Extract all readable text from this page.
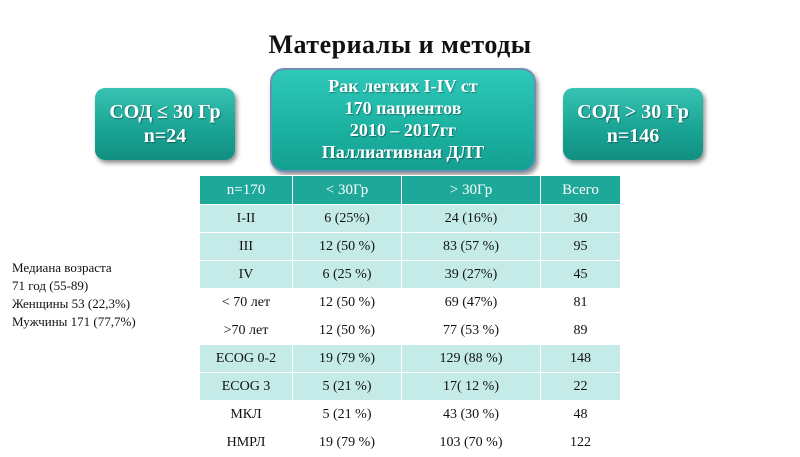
Материалы и методы
СОД ≤ 30 Гр
n=24
Рак легких I-IV ст
170 пациентов
2010 – 2017гг
Паллиативная ДЛТ
СОД > 30 Гр
n=146
n=170	< 30Гр	> 30Гр	Всего
I-II	6 (25%)	24 (16%)	30
III	12 (50 %)	83 (57 %)	95
IV	6 (25 %)	39 (27%)	45
< 70 лет	12 (50 %)	69 (47%)	81
>70 лет	12 (50 %)	77 (53 %)	89
ECOG 0-2	19 (79 %)	129 (88 %)	148
ECOG 3	5 (21 %)	17( 12 %)	22
МКЛ	5 (21 %)	43 (30 %)	48
НМРЛ	19 (79 %)	103 (70 %)	122
Медиана возраста
71 год (55-89)
Женщины 53 (22,3%)
Мужчины 171 (77,7%)
